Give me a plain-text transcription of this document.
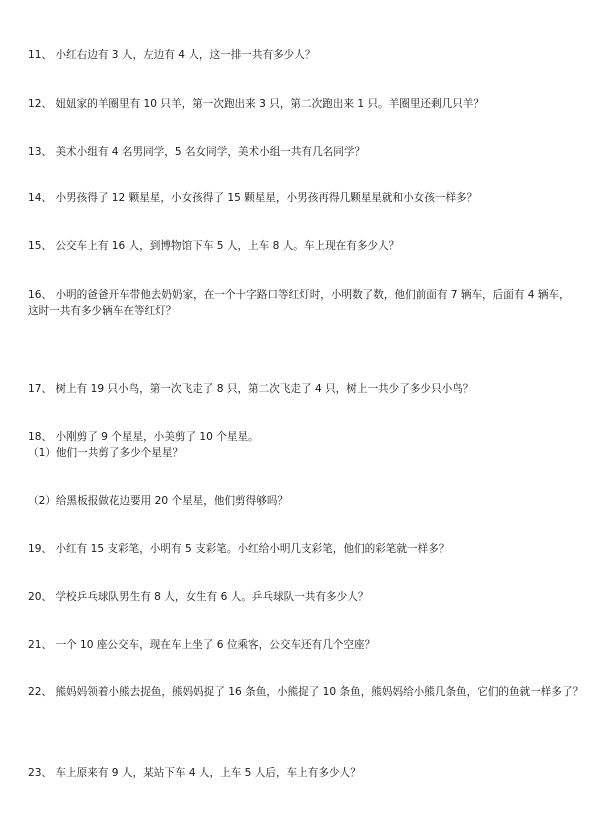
11、 小红右边有 3 人，左边有 4 人，这一排一共有多少人？
12、 妞妞家的羊圈里有 10 只羊，第一次跑出来 3 只，第二次跑出来 1 只。羊圈里还剩几只羊？
13、 美术小组有 4 名男同学，5 名女同学，美术小组一共有几名同学？
14、 小男孩得了 12 颗星星，小女孩得了 15 颗星星，小男孩再得几颗星星就和小女孩一样多？
15、 公交车上有 16 人，到博物馆下车 5 人，上车 8 人。车上现在有多少人？
16、 小明的爸爸开车带他去奶奶家，在一个十字路口等红灯时，小明数了数，他们前面有 7 辆车，后面有 4 辆车，
这时一共有多少辆车在等红灯？
17、 树上有 19 只小鸟，第一次飞走了 8 只，第二次飞走了 4 只，树上一共少了多少只小鸟？
18、 小刚剪了 9 个星星，小美剪了 10 个星星。
（1）他们一共剪了多少个星星？
（2）给黑板报做花边要用 20 个星星，他们剪得够吗？
19、 小红有 15 支彩笔，小明有 5 支彩笔。小红给小明几支彩笔，他们的彩笔就一样多？
20、 学校乒乓球队男生有 8 人，女生有 6 人。乒乓球队一共有多少人？
21、 一个 10 座公交车，现在车上坐了 6 位乘客，公交车还有几个空座？
22、 熊妈妈领着小熊去捉鱼，熊妈妈捉了 16 条鱼，小熊捉了 10 条鱼，熊妈妈给小熊几条鱼，它们的鱼就一样多了？
23、 车上原来有 9 人，某站下车 4 人，上车 5 人后，车上有多少人？
